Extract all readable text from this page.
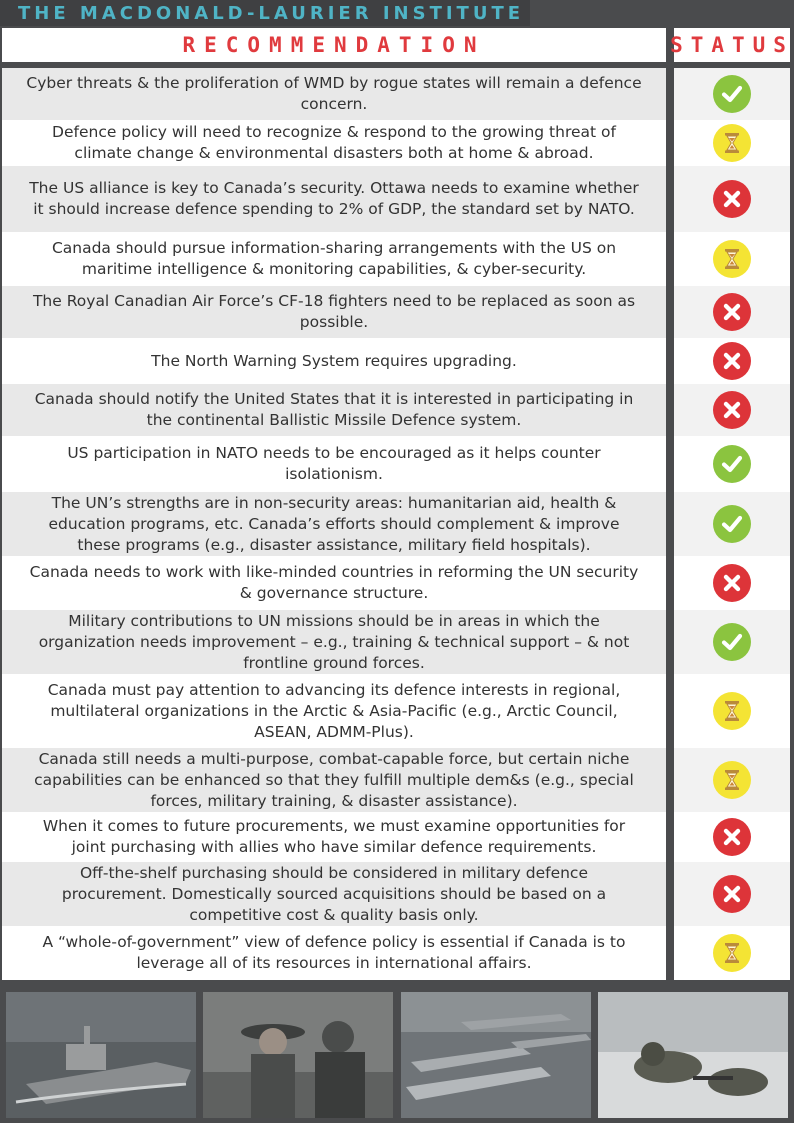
THE MACDONALD-LAURIER INSTITUTE
RECOMMENDATION	STATUS
Cyber threats & the proliferation of WMD by rogue states will remain a defence concern.
Defence policy will need to recognize & respond to the growing threat of climate change & environmental disasters both at home & abroad.
The US alliance is key to Canada’s security. Ottawa needs to examine whether it should increase defence spending to 2% of GDP, the standard set by NATO.
Canada should pursue information-sharing arrangements with the US on maritime intelligence & monitoring capabilities, & cyber-security.
The Royal Canadian Air Force’s CF-18 fighters need to be replaced as soon as possible.
The North Warning System requires upgrading.
Canada should notify the United States that it is interested in participating in the continental Ballistic Missile Defence system.
US participation in NATO needs to be encouraged as it helps counter isolationism.
The UN’s strengths are in non-security areas: humanitarian aid, health & education programs, etc. Canada’s efforts should complement & improve these programs (e.g., disaster assistance, military field hospitals).
Canada needs to work with like-minded countries in reforming the UN security & governance structure.
Military contributions to UN missions should be in areas in which the organization needs improvement – e.g., training & technical support – & not frontline ground forces.
Canada must pay attention to advancing its defence interests in regional, multilateral organizations in the Arctic & Asia-Pacific (e.g., Arctic Council, ASEAN, ADMM-Plus).
Canada still needs a multi-purpose, combat-capable force, but certain niche capabilities can be enhanced so that they fulfill multiple dem&s (e.g., special forces, military training, & disaster assistance).
When it comes to future procurements, we must examine opportunities for joint purchasing with allies who have similar defence requirements.
Off-the-shelf purchasing should be considered in military defence procurement. Domestically sourced acquisitions should be based on a competitive cost & quality basis only.
A “whole-of-government” view of defence policy is essential if Canada is to leverage all of its resources in international affairs.
